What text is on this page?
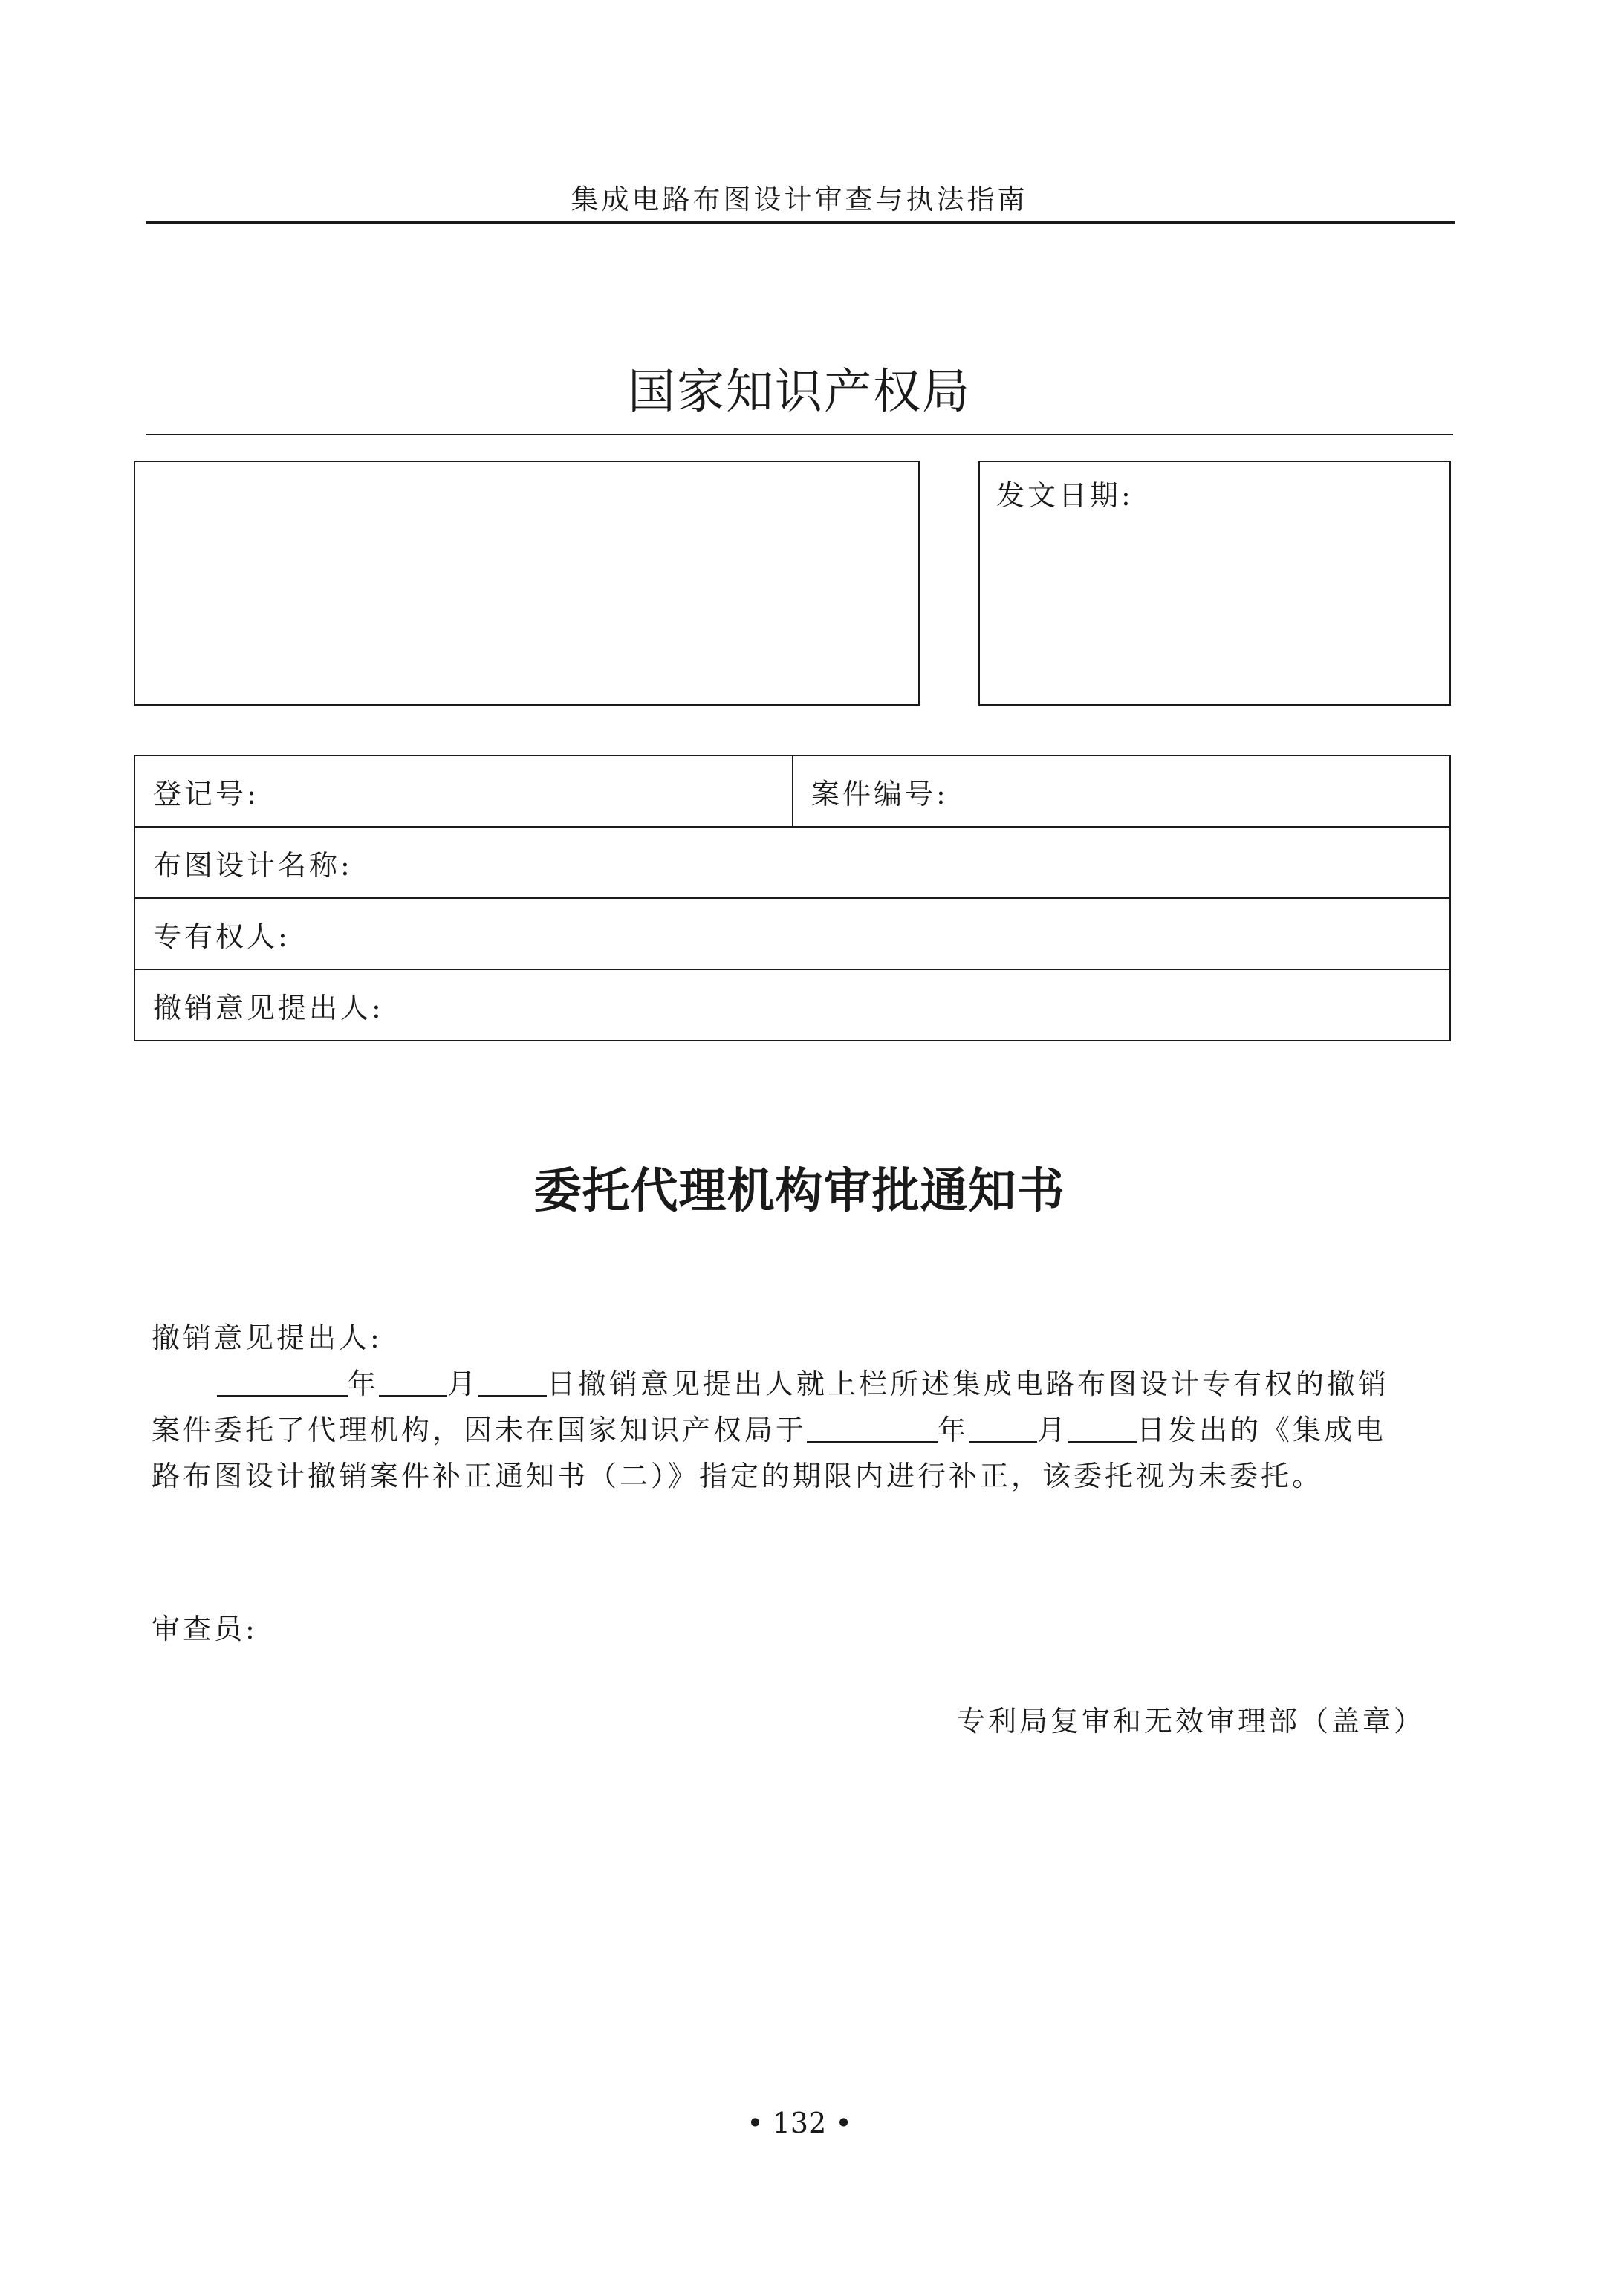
集成电路布图设计审查与执法指南
国家知识产权局
发文日期:
登记号:	案件编号:
布图设计名称:
专有权人:
撤销意见提出人:
委托代理机构审批通知书
撤销意见提出人:
年 月 日撤销意见提出人就上栏所述集成电路布图设计专有权的撤销
案件委托了代理机构，因未在国家知识产权局于	年 月 日发出的《集成电
路布图设计撤销案件补正通知书（二）》指定的期限内进行补正，该委托视为未委托。
审查员:
专利局复审和无效审理部（盖章）
• 132 •
